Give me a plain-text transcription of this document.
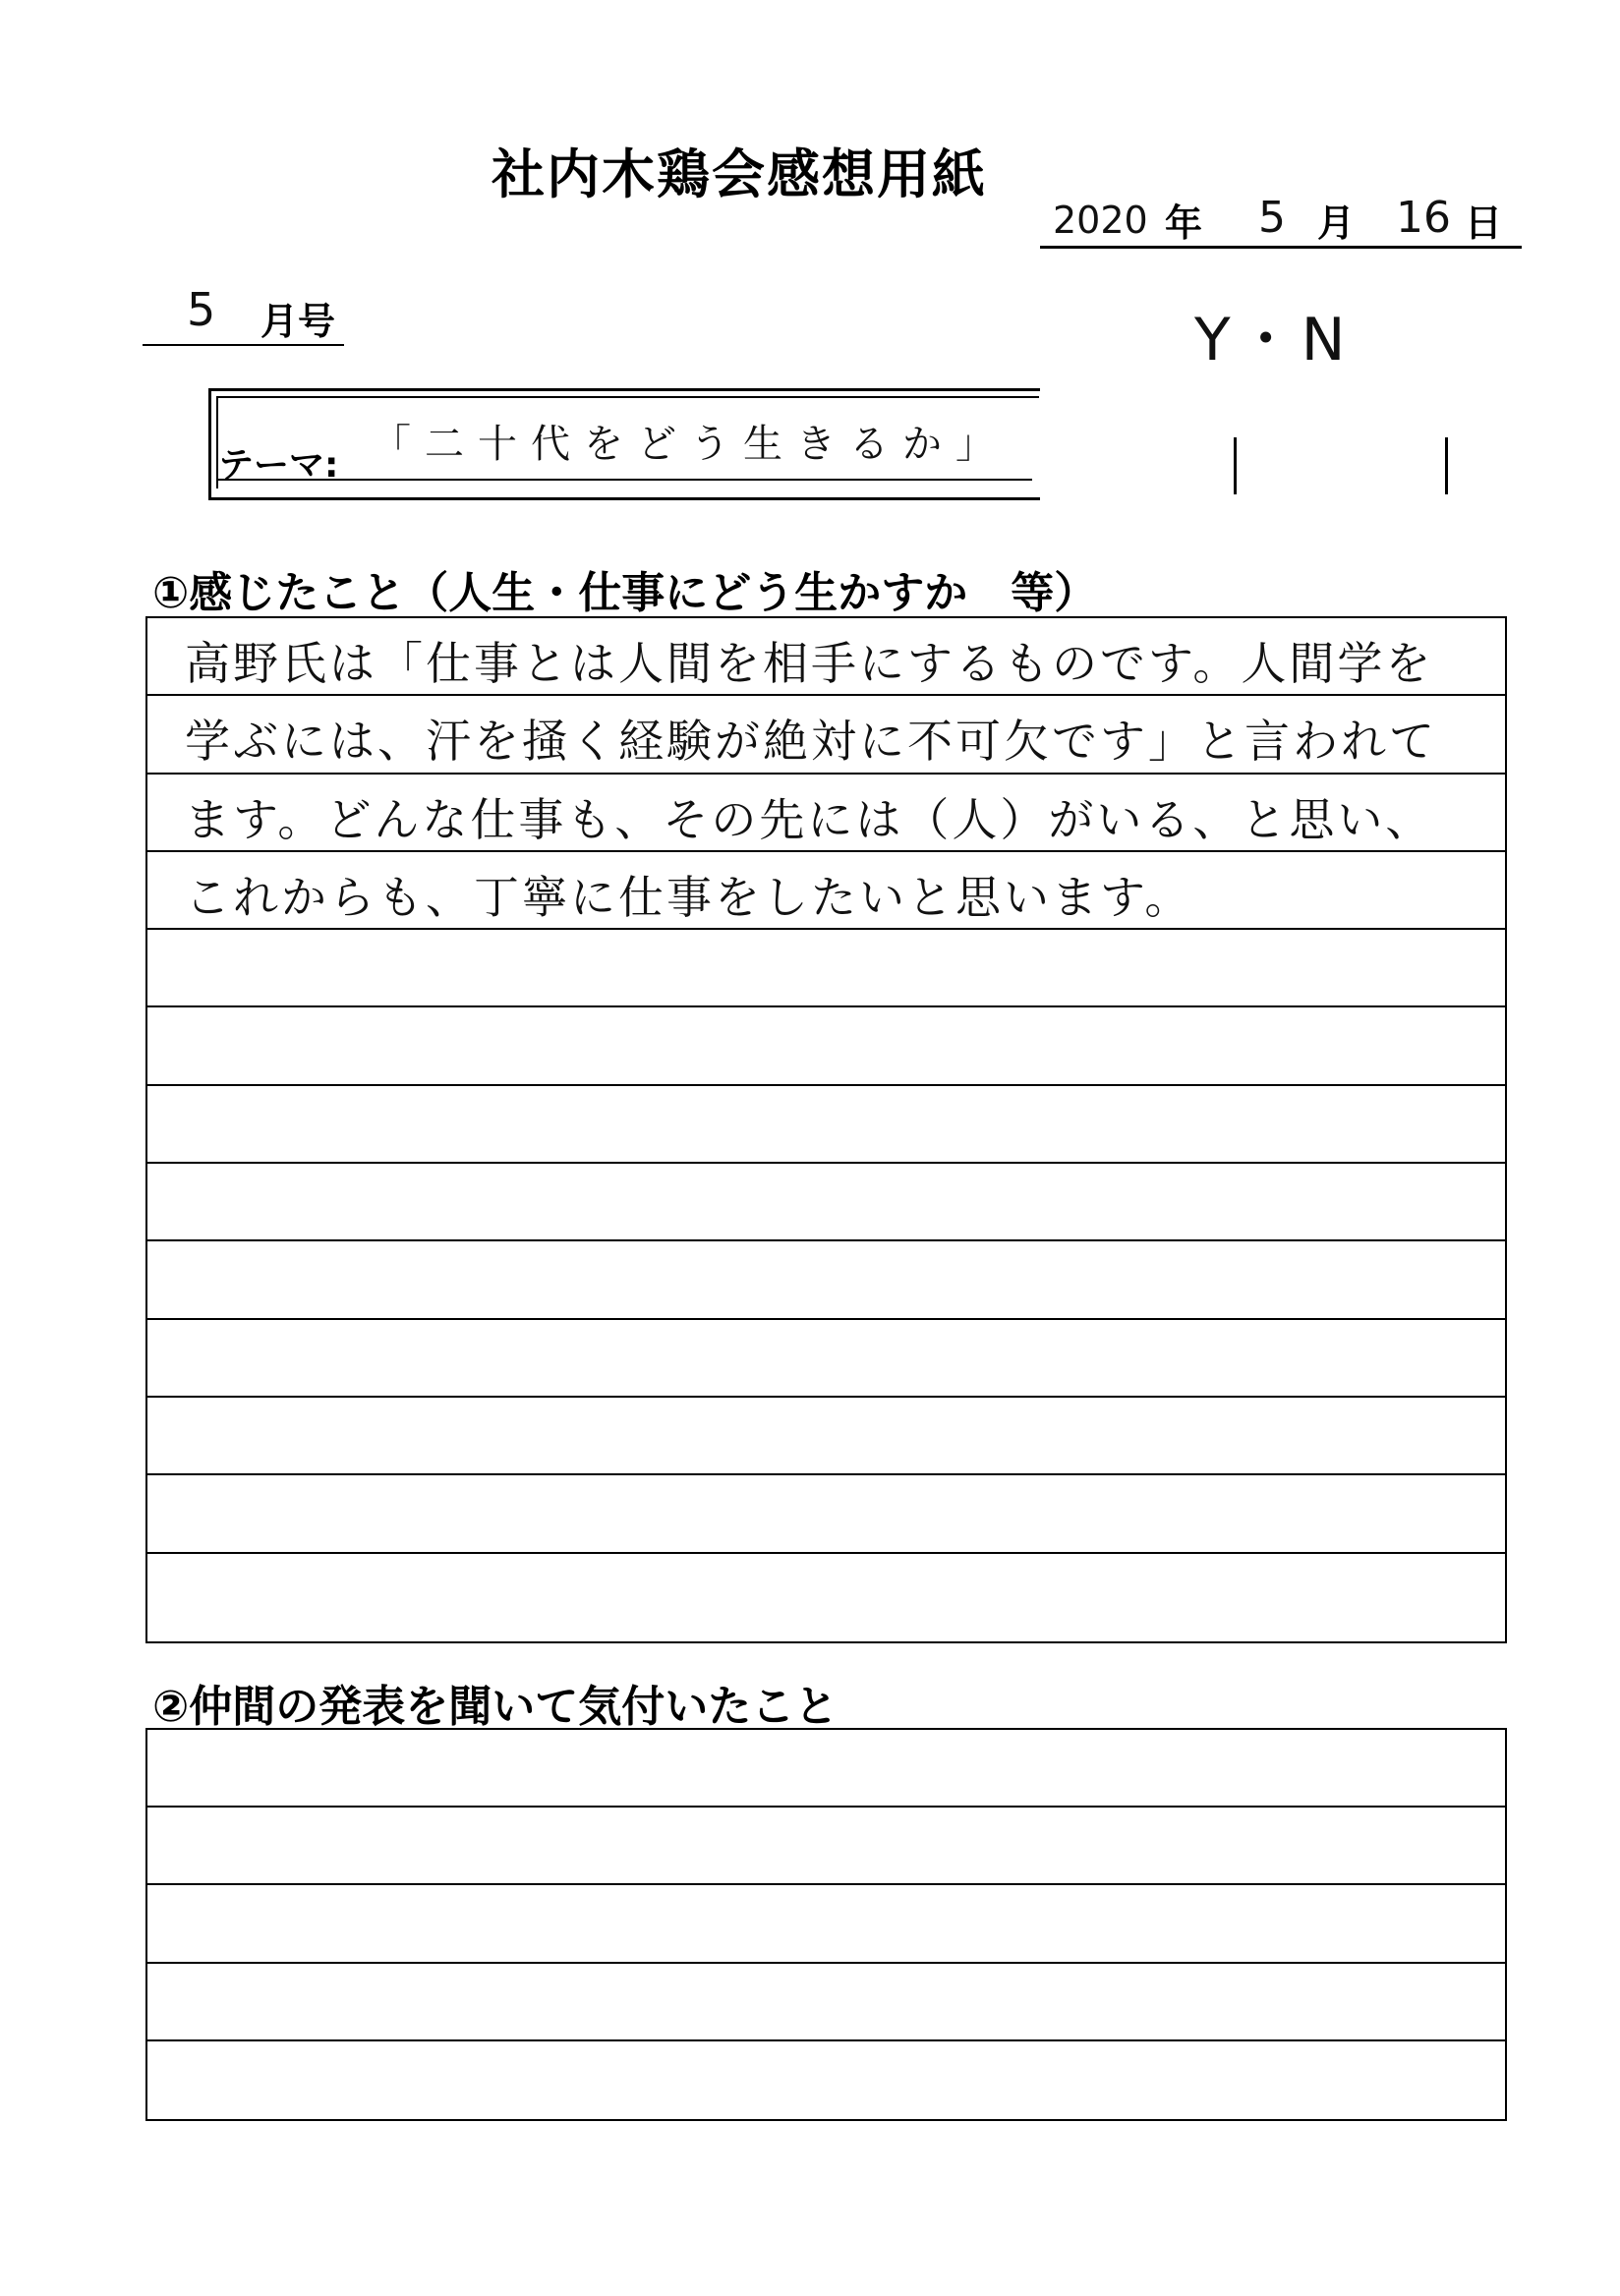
社内木鶏会感想用紙
2020 年 5 月 16 日
5 月号	Y・N
テーマ: 「二十代をどう生きるか」
①感じたこと（人生・仕事にどう生かすか　等）
高野氏は「仕事とは人間を相手にするものです。人間学を
学ぶには、汗を掻く経験が絶対に不可欠です」と言われて
ます。どんな仕事も、その先には（人）がいる、と思い、
これからも、丁寧に仕事をしたいと思います。
②仲間の発表を聞いて気付いたこと
